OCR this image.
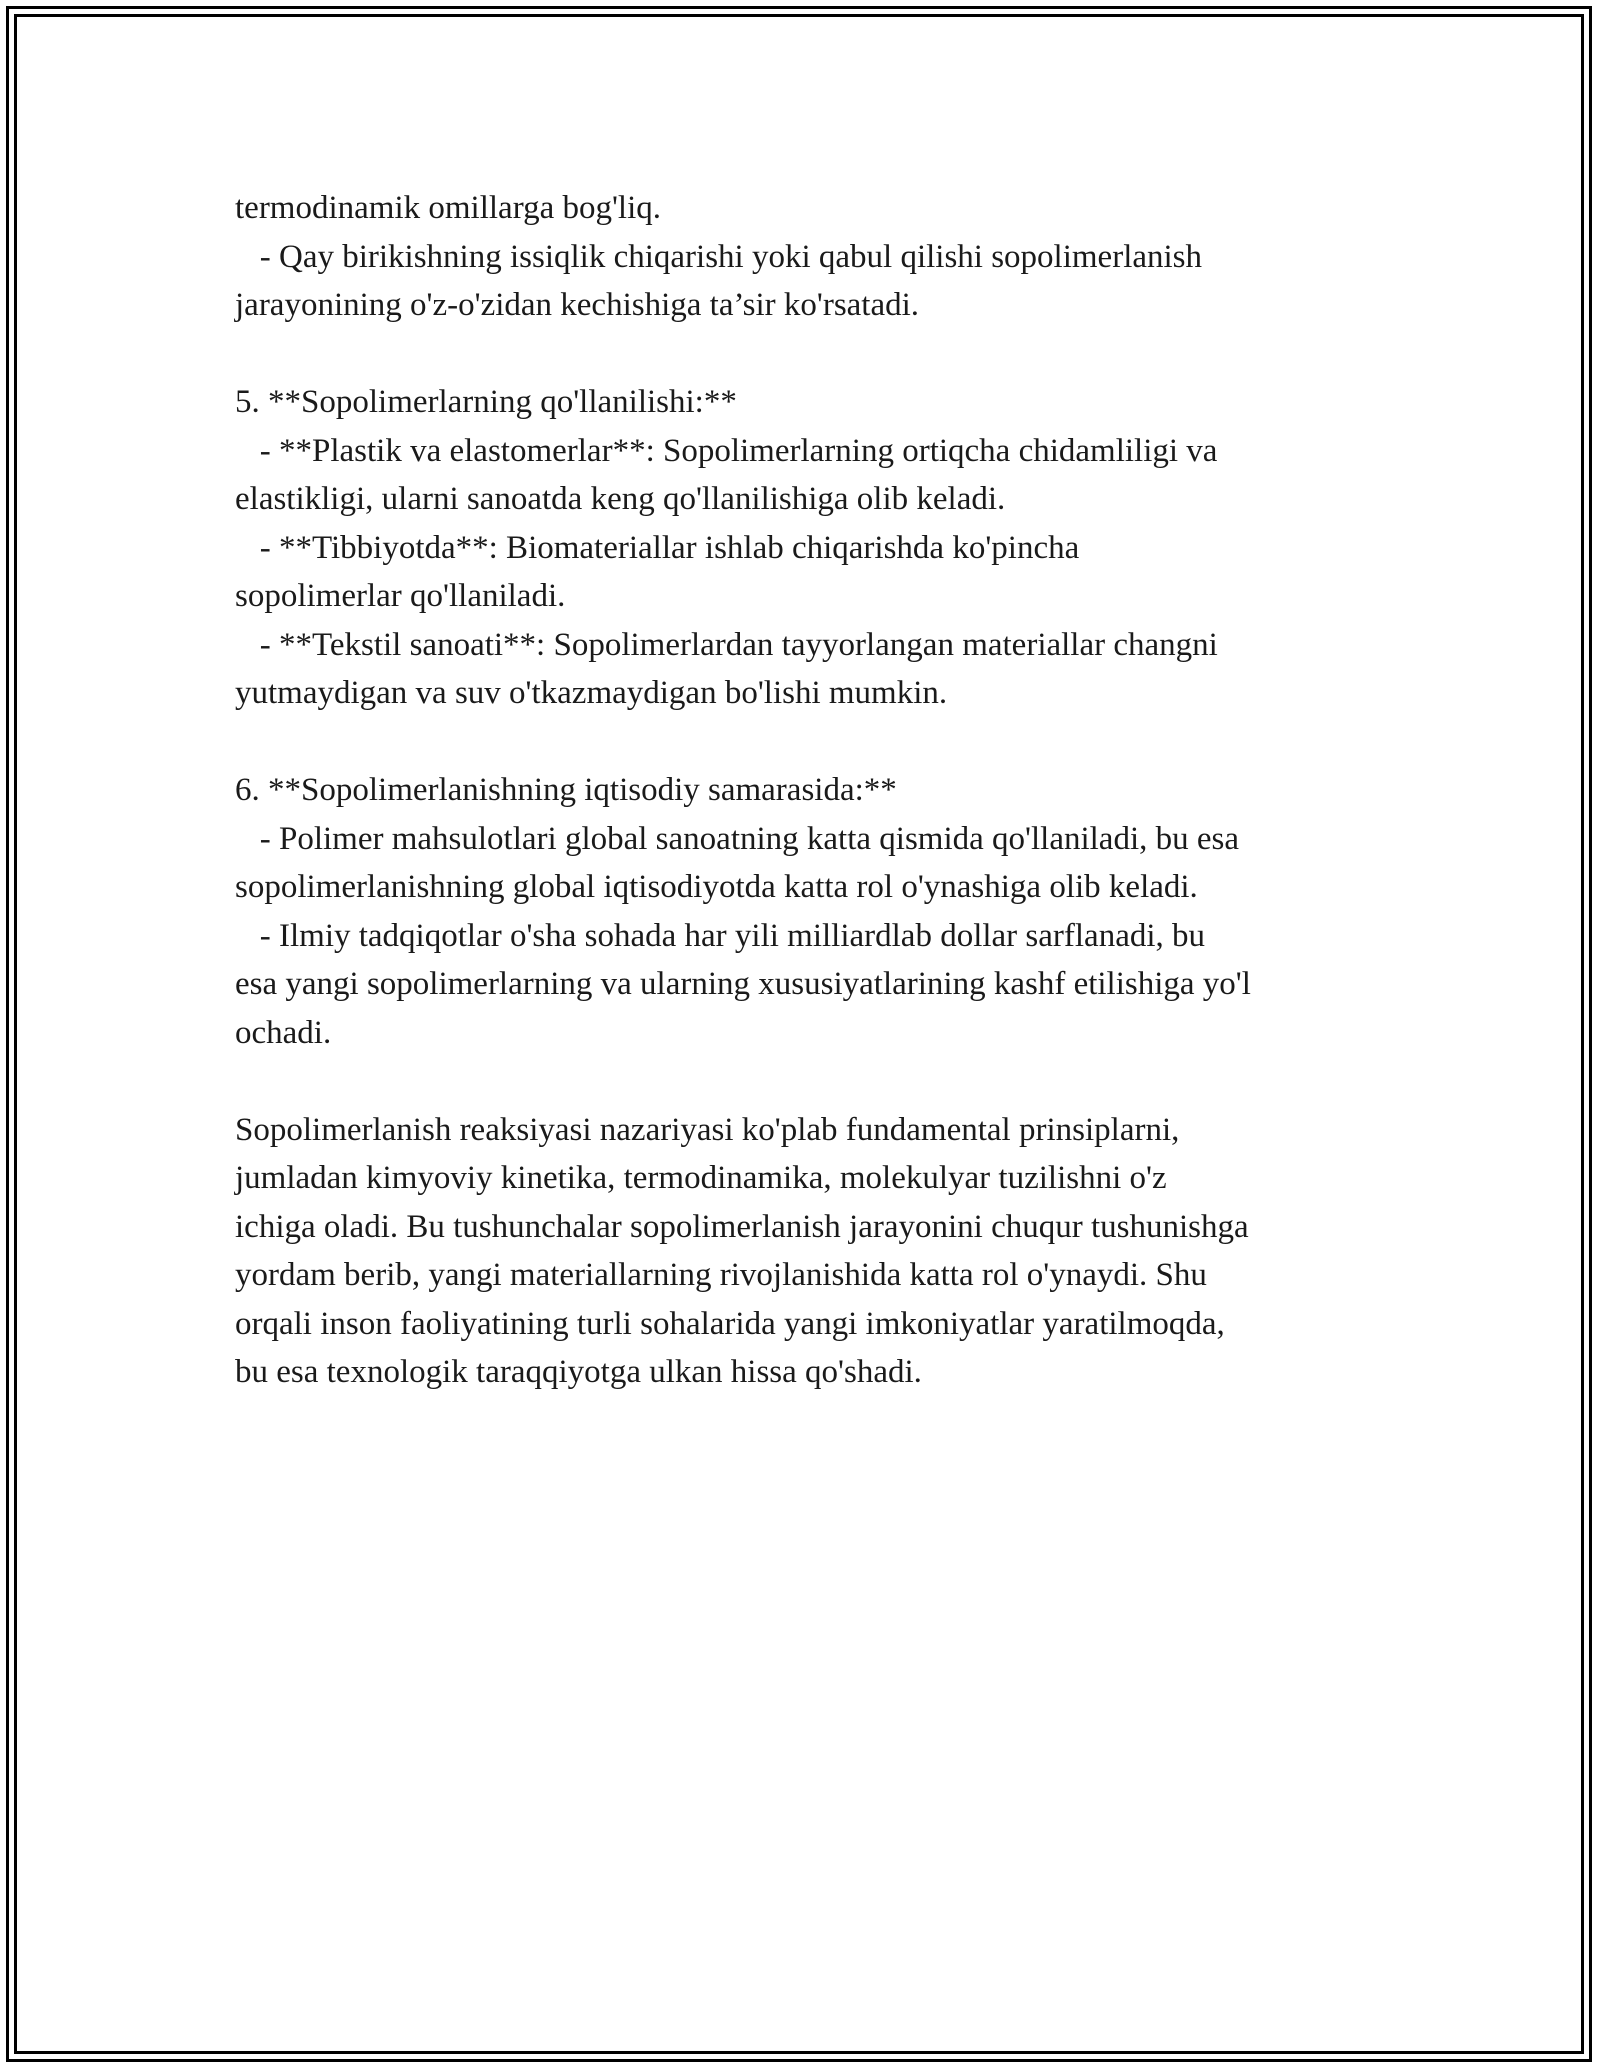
termodinamik omillarga bog'liq.
- Qay birikishning issiqlik chiqarishi yoki qabul qilishi sopolimerlanish
jarayonining o'z-o'zidan kechishiga ta’sir ko'rsatadi.
5. **Sopolimerlarning qo'llanilishi:**
- **Plastik va elastomerlar**: Sopolimerlarning ortiqcha chidamliligi va
elastikligi, ularni sanoatda keng qo'llanilishiga olib keladi.
- **Tibbiyotda**: Biomateriallar ishlab chiqarishda ko'pincha
sopolimerlar qo'llaniladi.
- **Tekstil sanoati**: Sopolimerlardan tayyorlangan materiallar changni
yutmaydigan va suv o'tkazmaydigan bo'lishi mumkin.
6. **Sopolimerlanishning iqtisodiy samarasida:**
- Polimer mahsulotlari global sanoatning katta qismida qo'llaniladi, bu esa
sopolimerlanishning global iqtisodiyotda katta rol o'ynashiga olib keladi.
- Ilmiy tadqiqotlar o'sha sohada har yili milliardlab dollar sarflanadi, bu
esa yangi sopolimerlarning va ularning xususiyatlarining kashf etilishiga yo'l
ochadi.
Sopolimerlanish reaksiyasi nazariyasi ko'plab fundamental prinsiplarni,
jumladan kimyoviy kinetika, termodinamika, molekulyar tuzilishni o'z
ichiga oladi. Bu tushunchalar sopolimerlanish jarayonini chuqur tushunishga
yordam berib, yangi materiallarning rivojlanishida katta rol o'ynaydi. Shu
orqali inson faoliyatining turli sohalarida yangi imkoniyatlar yaratilmoqda,
bu esa texnologik taraqqiyotga ulkan hissa qo'shadi.
